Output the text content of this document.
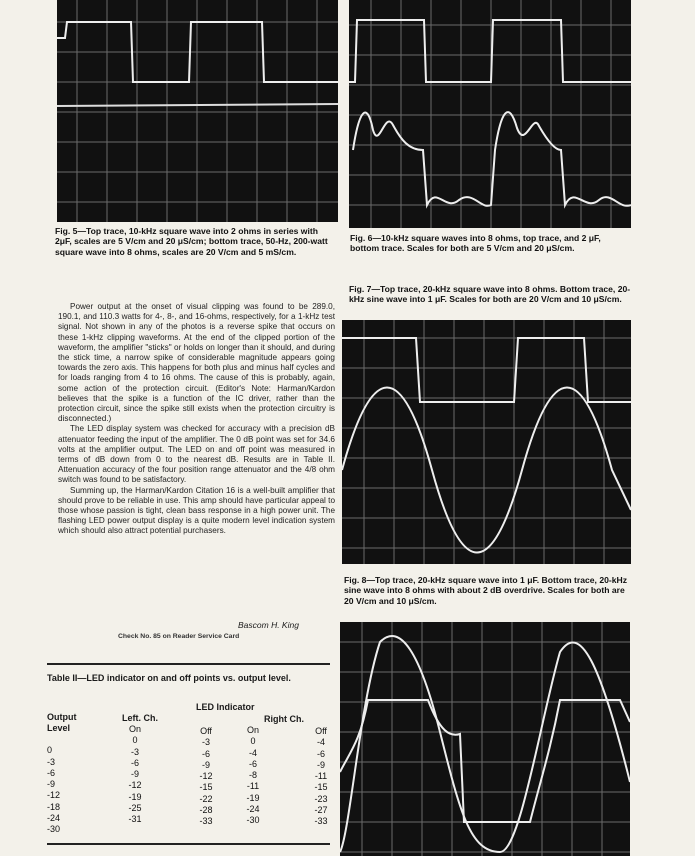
Fig. 5—Top trace, 10-kHz square wave into 2 ohms in series with 2μF, scales are 5 V/cm and 20 μS/cm; bottom trace, 50-Hz, 200-watt square wave into 8 ohms, scales are 20 V/cm and 5 mS/cm.
Fig. 6—10-kHz square waves into 8 ohms, top trace, and 2 μF, bottom trace. Scales for both are 5 V/cm and 20 μS/cm.
Fig. 7—Top trace, 20-kHz square wave into 8 ohms. Bottom trace, 20-kHz sine wave into 1 μF. Scales for both are 20 V/cm and 10 μS/cm.
Fig. 8—Top trace, 20-kHz square wave into 1 μF. Bottom trace, 20-kHz sine wave into 8 ohms with about 2 dB overdrive. Scales for both are 20 V/cm and 10 μS/cm.

Power output at the onset of visual clipping was found to be 289.0, 190.1, and 110.3 watts for 4-, 8-, and 16-ohms, respectively, for a 1-kHz test signal. Not shown in any of the photos is a reverse spike that occurs on these 1-kHz clipping waveforms. At the end of the clipped portion of the waveform, the amplifier "sticks" or holds on longer than it should, and during the stick time, a narrow spike of considerable magnitude appears going towards the zero axis. This happens for both plus and minus half cycles and for loads ranging from 4 to 16 ohms. The cause of this is probably, again, some action of the protection circuit. (Editor's Note: Harman/Kardon believes that the spike is a function of the IC driver, rather than the protection circuit, since the spike still exists when the protection circuitry is disconnected.)

The LED display system was checked for accuracy with a precision dB attenuator feeding the input of the amplifier. The 0 dB point was set for 34.6 volts at the amplifier output. The LED on and off point was measured in terms of dB down from 0 to the nearest dB. Results are in Table II. Attenuation accuracy of the four position range attenuator and the 4/8 ohm switch was found to be satisfactory.

Summing up, the Harman/Kardon Citation 16 is a well-built amplifier that should prove to be reliable in use. This amp should have particular appeal to those whose passion is tight, clean bass response in a high power unit. The flashing LED power output display is a quite modern level indication system which should also attract potential purchasers.

Bascom H. King
Check No. 85 on Reader Service Card
Table II—LED indicator on and off points vs. output level.
LED Indicator
Left. Ch.	Right Ch.
Output
Level
0
-3
-6
-9
-12
-18
-24
-30
On
0
-3
-6
-9
-12
-19
-25
-31
Off
-3
-6
-9
-12
-15
-22
-28
-33
On
0
-4
-6
-8
-11
-19
-24
-30
Off
-4
-6
-9
-11
-15
-23
-27
-33
